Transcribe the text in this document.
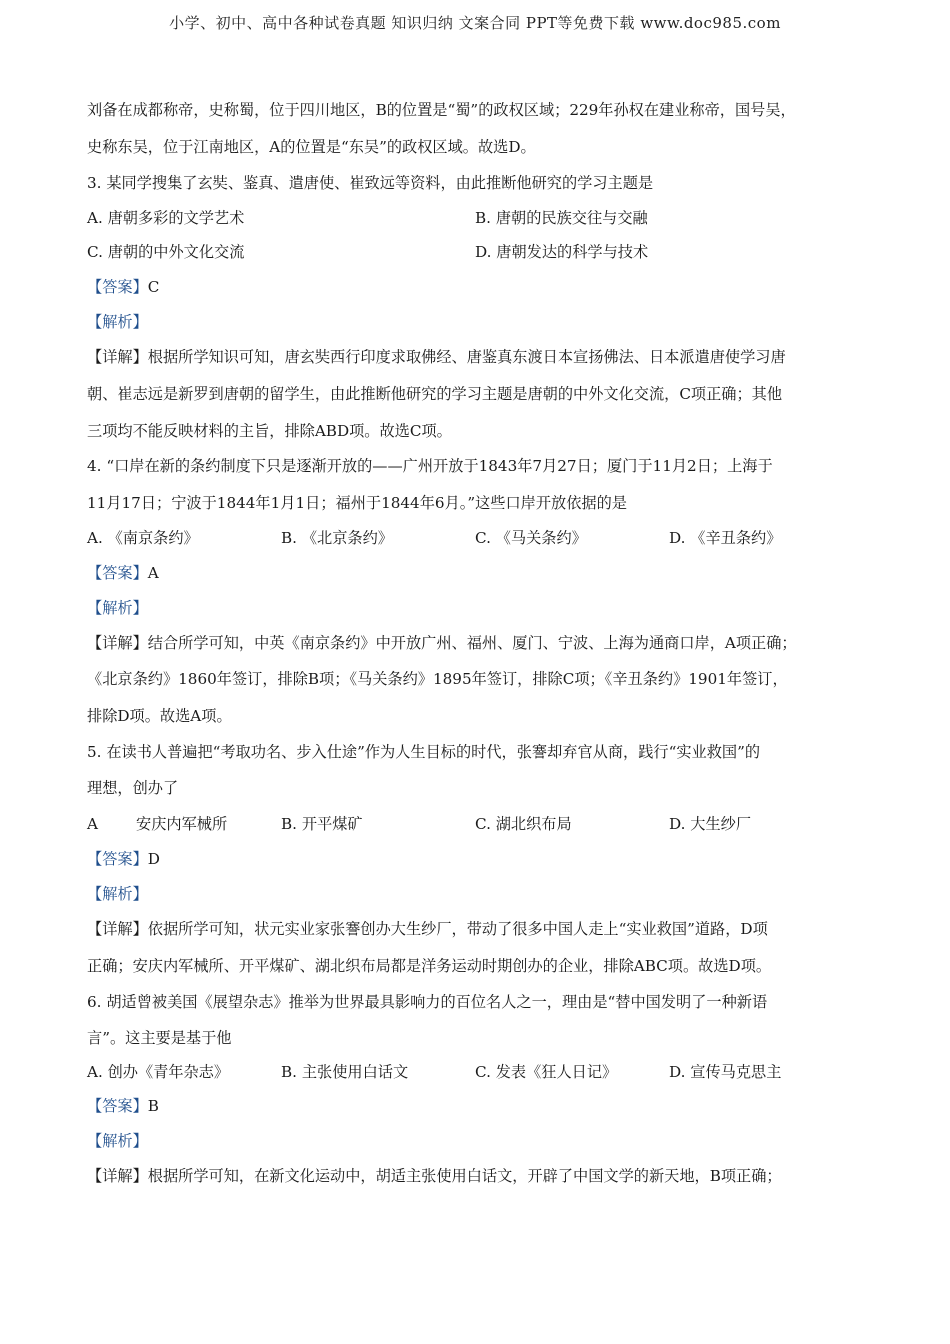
小学、初中、高中各种试卷真题 知识归纳 文案合同 PPT等免费下载 www.doc985.com
刘备在成都称帝，史称蜀，位于四川地区，B的位置是“蜀”的政权区域；229年孙权在建业称帝，国号吴，
史称东吴，位于江南地区，A的位置是“东吴”的政权区域。故选D。
3. 某同学搜集了玄奘、鉴真、遣唐使、崔致远等资料，由此推断他研究的学习主题是
A. 唐朝多彩的文学艺术	B. 唐朝的民族交往与交融
C. 唐朝的中外文化交流	D. 唐朝发达的科学与技术
【答案】C
【解析】
【详解】根据所学知识可知，唐玄奘西行印度求取佛经、唐鉴真东渡日本宣扬佛法、日本派遣唐使学习唐
朝、崔志远是新罗到唐朝的留学生，由此推断他研究的学习主题是唐朝的中外文化交流，C项正确；其他
三项均不能反映材料的主旨，排除ABD项。故选C项。
4. “口岸在新的条约制度下只是逐渐开放的——广州开放于1843年7月27日；厦门于11月2日；上海于
11月17日；宁波于1844年1月1日；福州于1844年6月。”这些口岸开放依据的是
A. 《南京条约》	B. 《北京条约》	C. 《马关条约》	D. 《辛丑条约》
【答案】A
【解析】
【详解】结合所学可知，中英《南京条约》中开放广州、福州、厦门、宁波、上海为通商口岸，A项正确；
《北京条约》1860年签订，排除B项；《马关条约》1895年签订，排除C项；《辛丑条约》1901年签订，
排除D项。故选A项。
5. 在读书人普遍把“考取功名、步入仕途”作为人生目标的时代，张謇却弃官从商，践行“实业救国”的
理想，创办了
A	安庆内军械所	B. 开平煤矿	C. 湖北织布局	D. 大生纱厂
【答案】D
【解析】
【详解】依据所学可知，状元实业家张謇创办大生纱厂，带动了很多中国人走上“实业救国”道路，D项
正确；安庆内军械所、开平煤矿、湖北织布局都是洋务运动时期创办的企业，排除ABC项。故选D项。
6. 胡适曾被美国《展望杂志》推举为世界最具影响力的百位名人之一，理由是“替中国发明了一种新语
言”。这主要是基于他
A. 创办《青年杂志》	B. 主张使用白话文	C. 发表《狂人日记》	D. 宣传马克思主
【答案】B
【解析】
【详解】根据所学可知，在新文化运动中，胡适主张使用白话文，开辟了中国文学的新天地，B项正确；
